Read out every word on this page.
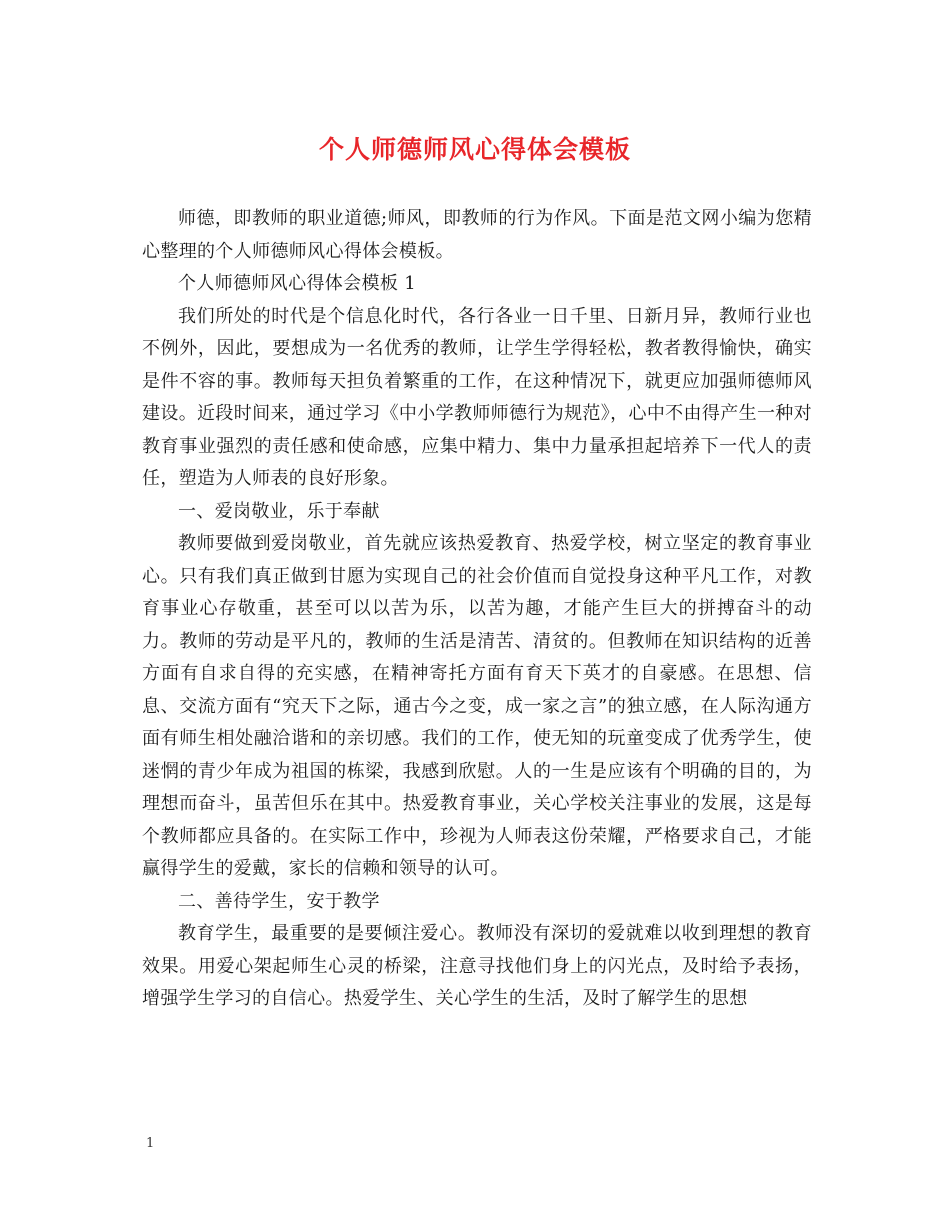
个人师德师风心得体会模板

师德，即教师的职业道德;师风，即教师的行为作风。下面是范文网小编为您精心整理的个人师德师风心得体会模板。

个人师德师风心得体会模板 1

我们所处的时代是个信息化时代，各行各业一日千里、日新月异，教师行业也不例外，因此，要想成为一名优秀的教师，让学生学得轻松，教者教得愉快，确实是件不容的事。教师每天担负着繁重的工作，在这种情况下，就更应加强师德师风建设。近段时间来，通过学习《中小学教师师德行为规范》，心中不由得产生一种对教育事业强烈的责任感和使命感，应集中精力、集中力量承担起培养下一代人的责任，塑造为人师表的良好形象。

一、爱岗敬业，乐于奉献

教师要做到爱岗敬业，首先就应该热爱教育、热爱学校，树立坚定的教育事业心。只有我们真正做到甘愿为实现自己的社会价值而自觉投身这种平凡工作，对教育事业心存敬重，甚至可以以苦为乐，以苦为趣，才能产生巨大的拼搏奋斗的动力。教师的劳动是平凡的，教师的生活是清苦、清贫的。但教师在知识结构的近善方面有自求自得的充实感，在精神寄托方面有育天下英才的自豪感。在思想、信息、交流方面有“究天下之际，通古今之变，成一家之言”的独立感，在人际沟通方面有师生相处融洽谐和的亲切感。我们的工作，使无知的玩童变成了优秀学生，使迷惘的青少年成为祖国的栋梁，我感到欣慰。人的一生是应该有个明确的目的，为理想而奋斗，虽苦但乐在其中。热爱教育事业，关心学校关注事业的发展，这是每个教师都应具备的。在实际工作中，珍视为人师表这份荣耀，严格要求自己，才能赢得学生的爱戴，家长的信赖和领导的认可。

二、善待学生，安于教学

教育学生，最重要的是要倾注爱心。教师没有深切的爱就难以收到理想的教育效果。用爱心架起师生心灵的桥梁，注意寻找他们身上的闪光点，及时给予表扬，增强学生学习的自信心。热爱学生、关心学生的生活，及时了解学生的思想

1
